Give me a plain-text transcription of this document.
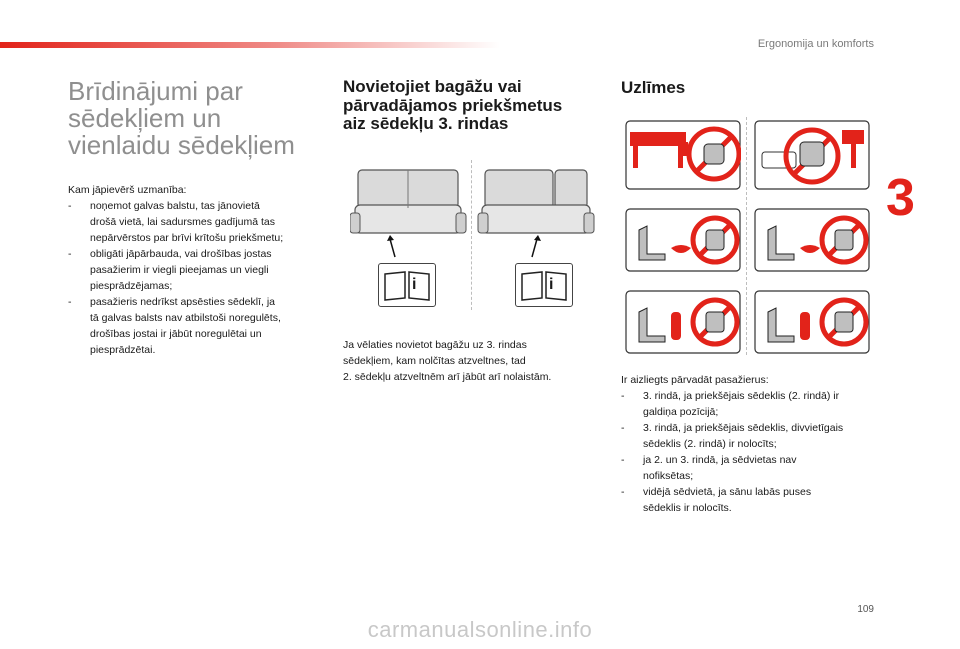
Ergonomija un komforts
3
Brīdinājumi par
sēdekļiem un
vienlaidu sēdekļiem
Kam jāpievērš uzmanība:
- noņemot galvas balstu, tas jānovietā
drošā vietā, lai sadursmes gadījumā tas
nepārvērstos par brīvi krītošu priekšmetu;
- obligāti jāpārbauda, vai drošības jostas
pasažierim ir viegli pieejamas un viegli
piesprādzējamas;
- pasažieris nedrīkst apsēsties sēdeklī, ja
tā galvas balsts nav atbilstoši noregulēts,
drošības jostai ir jābūt noregulētai un
piesprādzētai.
Novietojiet bagāžu vai
pārvadājamos priekšmetus
aiz sēdekļu 3. rindas
i	i
Ja vēlaties novietot bagāžu uz 3. rindas
sēdekļiem, kam nolčītas atzveltnes, tad
2. sēdekļu atzveltnēm arī jābūt arī nolaistām.
Uzlīmes
Ir aizliegts pārvadāt pasažierus:
- 3. rindā, ja priekšējais sēdeklis (2. rindā) ir
galdiņa pozīcijā;
- 3. rindā, ja priekšējais sēdeklis, divvietīgais
sēdeklis (2. rindā) ir nolocīts;
- ja 2. un 3. rindā, ja sēdvietas nav
nofiksētas;
- vidējā sēdvietā, ja sānu labās puses
sēdeklis ir nolocīts.
109
carmanualsonline.info
